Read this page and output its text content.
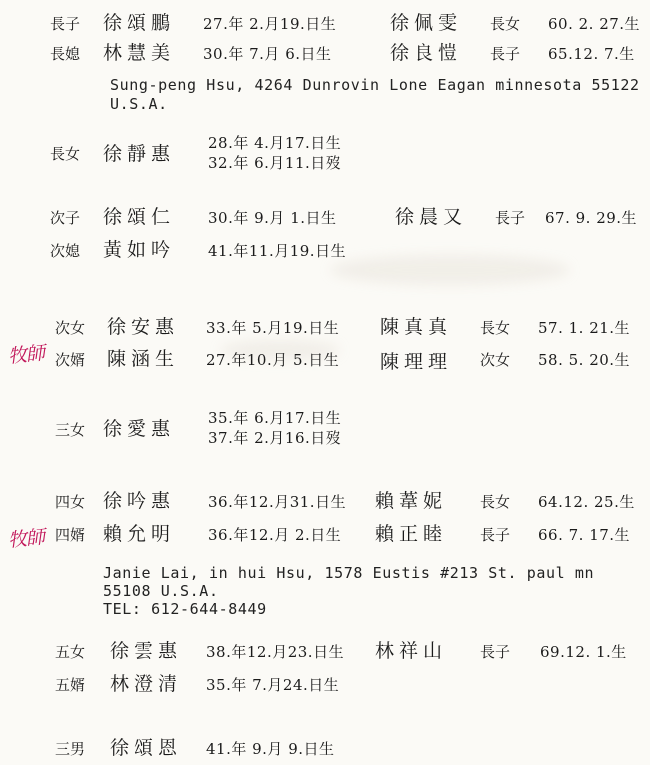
長子 徐頌鵬 27.年 2.月19.日生	徐佩雯 長女 60. 2. 27.生
長媳 林慧美 30.年 7.月 6.日生	徐良愷 長子 65.12. 7.生
Sung-peng Hsu, 4264 Dunrovin Lone Eagan minnesota 55122
U.S.A.
長女 徐靜惠 28.年 4.月17.日生
32.年 6.月11.日歿
次子 徐頌仁 30.年 9.月 1.日生	徐晨又 長子 67. 9. 29.生
次媳 黃如吟 41.年11.月19.日生
次女 徐安惠 33.年 5.月19.日生 陳真真 長女 57. 1. 21.生
牧師 次婿 陳涵生 27.年10.月 5.日生 陳理理 次女 58. 5. 20.生
三女 徐愛惠 35.年 6.月17.日生
37.年 2.月16.日歿
四女 徐吟惠 36.年12.月31.日生 賴葦妮 長女 64.12. 25.生
牧師 四婿 賴允明 36.年12.月 2.日生 賴正睦 長子 66. 7. 17.生
Janie Lai, in hui Hsu, 1578 Eustis #213 St. paul mn
55108 U.S.A.
TEL: 612-644-8449
五女 徐雲惠 38.年12.月23.日生 林祥山 長子 69.12. 1.生
五婿 林澄清 35.年 7.月24.日生
三男 徐頌恩 41.年 9.月 9.日生
